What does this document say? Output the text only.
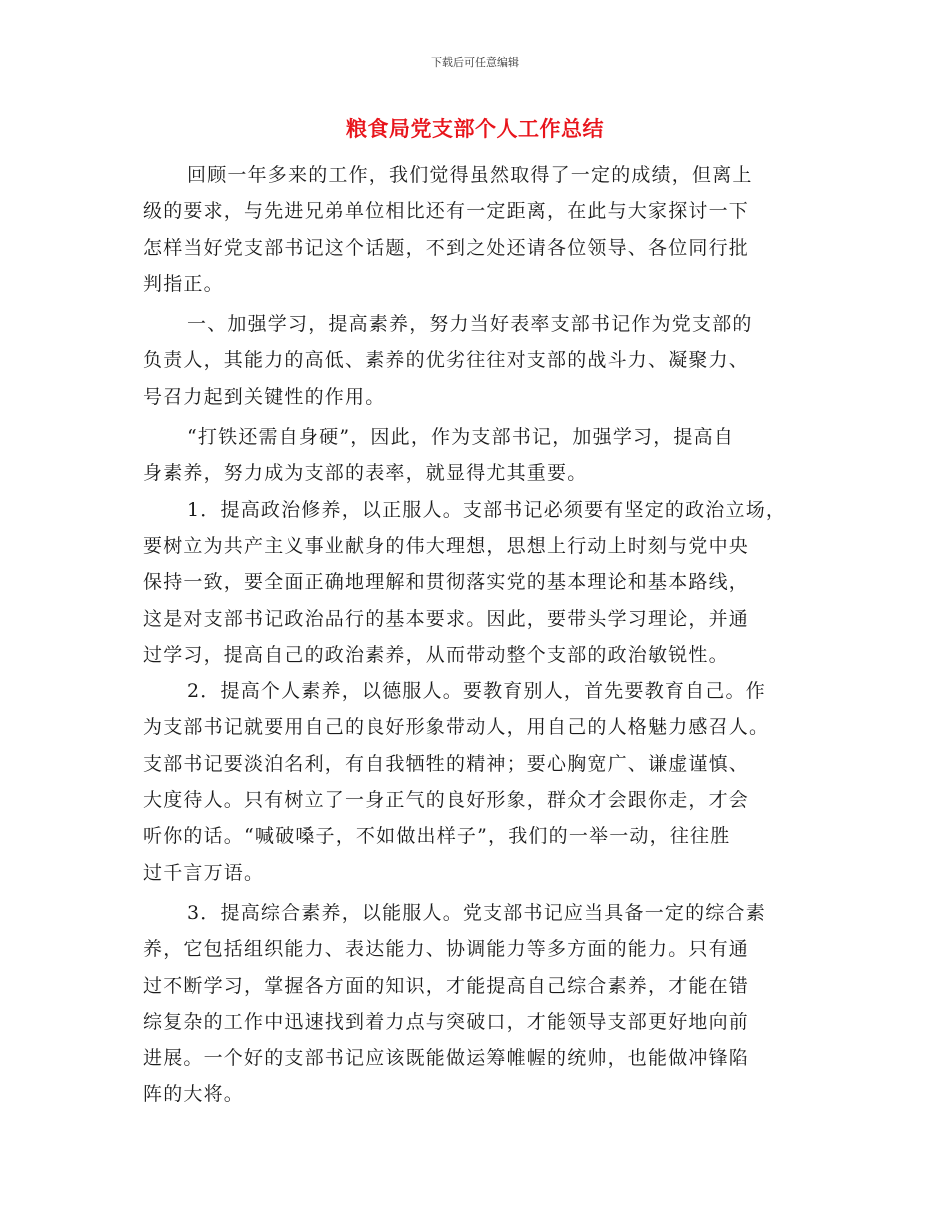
下载后可任意编辑
粮食局党支部个人工作总结
回顾一年多来的工作，我们觉得虽然取得了一定的成绩，但离上
级的要求，与先进兄弟单位相比还有一定距离，在此与大家探讨一下
怎样当好党支部书记这个话题，不到之处还请各位领导、各位同行批
判指正。
一、加强学习，提高素养，努力当好表率支部书记作为党支部的
负责人，其能力的高低、素养的优劣往往对支部的战斗力、凝聚力、
号召力起到关键性的作用。
“打铁还需自身硬”，因此，作为支部书记，加强学习，提高自
身素养，努力成为支部的表率，就显得尤其重要。
1．提高政治修养，以正服人。支部书记必须要有坚定的政治立场，
要树立为共产主义事业献身的伟大理想，思想上行动上时刻与党中央
保持一致，要全面正确地理解和贯彻落实党的基本理论和基本路线，
这是对支部书记政治品行的基本要求。因此，要带头学习理论，并通
过学习，提高自己的政治素养，从而带动整个支部的政治敏锐性。
2．提高个人素养，以德服人。要教育别人，首先要教育自己。作
为支部书记就要用自己的良好形象带动人，用自己的人格魅力感召人。
支部书记要淡泊名利，有自我牺牲的精神；要心胸宽广、谦虚谨慎、
大度待人。只有树立了一身正气的良好形象，群众才会跟你走，才会
听你的话。“喊破嗓子，不如做出样子”，我们的一举一动，往往胜
过千言万语。
3．提高综合素养，以能服人。党支部书记应当具备一定的综合素
养，它包括组织能力、表达能力、协调能力等多方面的能力。只有通
过不断学习，掌握各方面的知识，才能提高自己综合素养，才能在错
综复杂的工作中迅速找到着力点与突破口，才能领导支部更好地向前
进展。一个好的支部书记应该既能做运筹帷幄的统帅，也能做冲锋陷
阵的大将。
